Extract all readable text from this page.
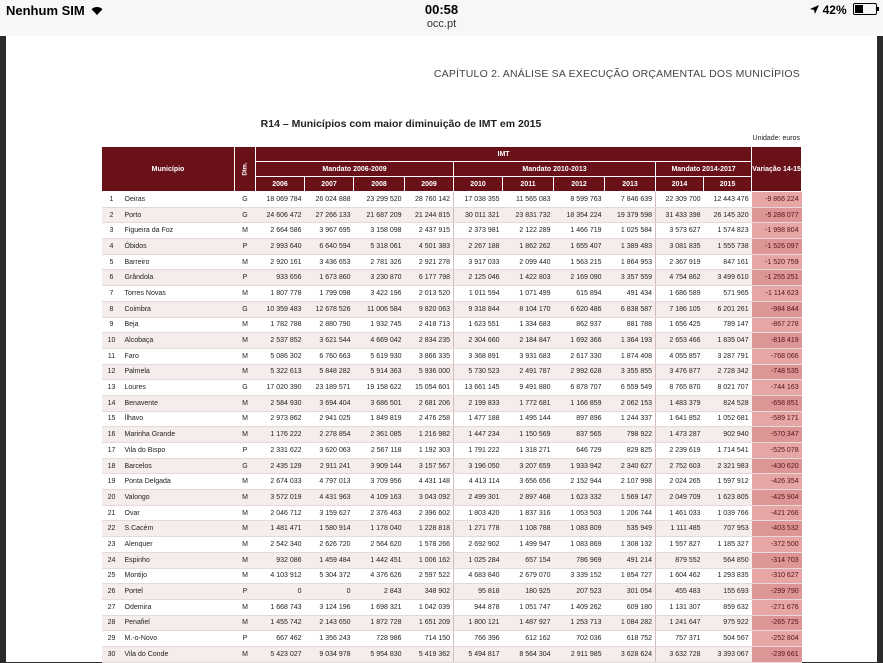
Nenhum SIM	00:58
occ.pt
42%
CAPÍTULO 2. ANÁLISE SA EXECUÇÃO ORÇAMENTAL DOS MUNICÍPIOS
R14 – Municípios com maior diminuição de IMT em 2015
Unidade: euros
Município		Dim.	IMT										Variação 14-15
			Mandato 2006-2009				Mandato 2010-2013				Mandato 2014-2017		
			2006	2007	2008	2009	2010	2011	2012	2013	2014	2015	
1	Oeiras	G	18 069 784	26 024 888	23 299 520	28 760 142	17 038 355	11 565 083	8 599 763	7 846 639	22 309 700	12 443 476	-9 866 224
2	Porto	G	24 606 472	27 266 133	21 687 209	21 244 815	30 011 321	23 831 732	18 354 224	19 379 598	31 433 398	26 145 320	-5 288 077
3	Figueira da Foz	M	2 664 586	3 967 695	3 158 098	2 437 915	2 373 981	2 122 289	1 466 719	1 025 584	3 573 627	1 574 823	-1 998 804
4	Óbidos	P	2 993 640	6 640 594	5 318 061	4 501 383	2 267 188	1 862 262	1 655 407	1 389 483	3 081 835	1 555 738	-1 526 097
5	Barreiro	M	2 920 161	3 436 653	2 781 326	2 921 278	3 917 033	2 099 440	1 563 215	1 864 953	2 367 919	847 161	-1 520 759
6	Grândola	P	933 656	1 673 860	3 230 870	6 177 798	2 125 046	1 422 803	2 169 090	3 357 559	4 754 862	3 499 610	-1 255 251
7	Torres Novas	M	1 807 778	1 799 098	3 422 196	2 013 520	1 011 594	1 071 499	615 894	491 434	1 686 589	571 965	-1 114 623
8	Coimbra	G	10 359 483	12 678 526	11 006 584	9 820 063	9 318 844	8 104 170	6 620 486	6 838 587	7 186 105	6 201 261	-984 844
9	Beja	M	1 782 788	2 880 790	1 932 745	2 418 713	1 623 551	1 334 683	862 937	881 788	1 656 425	789 147	-867 278
10	Alcobaça	M	2 537 852	3 621 544	4 669 042	2 834 235	2 304 660	2 184 847	1 692 366	1 364 193	2 653 466	1 835 047	-818 419
11	Faro	M	5 086 302	6 760 663	5 619 930	3 866 335	3 368 891	3 931 683	2 617 330	1 874 408	4 055 857	3 287 791	-768 066
12	Palmela	M	5 322 613	5 848 282	5 914 363	5 936 000	5 730 523	2 491 787	2 992 628	3 355 855	3 476 877	2 728 342	-748 535
13	Loures	G	17 020 390	23 189 571	19 158 622	15 054 601	13 661 145	9 491 880	6 878 707	6 559 549	8 765 870	8 021 707	-744 163
14	Benavente	M	2 584 930	3 694 404	3 686 501	2 681 206	2 199 833	1 772 681	1 166 859	2 062 153	1 483 379	824 528	-658 851
15	Ílhavo	M	2 973 862	2 941 025	1 849 819	2 476 258	1 477 188	1 495 144	897 896	1 244 337	1 641 852	1 052 681	-589 171
16	Marinha Grande	M	1 176 222	2 278 854	2 361 085	1 216 982	1 447 234	1 150 569	837 565	798 922	1 473 287	902 940	-570 347
17	Vila do Bispo	P	2 331 622	3 620 063	2 567 118	1 192 303	1 791 222	1 318 271	646 729	829 825	2 239 619	1 714 541	-525 078
18	Barcelos	G	2 435 129	2 911 241	3 909 144	3 157 567	3 196 050	3 207 659	1 933 942	2 340 627	2 752 603	2 321 983	-430 620
19	Ponta Delgada	M	2 674 033	4 797 013	3 709 956	4 431 148	4 413 114	3 656 656	2 152 944	2 107 998	2 024 265	1 597 912	-426 354
20	Valongo	M	3 572 019	4 431 963	4 109 163	3 043 092	2 499 301	2 897 468	1 623 332	1 569 147	2 049 709	1 623 805	-425 904
21	Ovar	M	2 046 712	3 159 627	2 376 463	2 396 602	1 803 420	1 837 316	1 053 503	1 206 744	1 461 033	1 039 766	-421 266
22	S.Cacém	M	1 481 471	1 580 914	1 178 040	1 228 818	1 271 778	1 108 788	1 083 809	535 949	1 111 485	707 953	-403 532
23	Alenquer	M	2 542 340	2 626 720	2 564 620	1 578 266	2 692 902	1 499 947	1 083 869	1 308 132	1 557 827	1 185 327	-372 500
24	Espinho	M	932 086	1 459 484	1 442 451	1 006 162	1 025 284	657 154	786 969	491 214	879 552	564 850	-314 703
25	Montijo	M	4 103 912	5 304 372	4 376 626	2 597 522	4 683 840	2 679 070	3 339 152	1 854 727	1 604 462	1 293 835	-310 627
26	Portel	P	0	0	2 843	348 902	95 818	180 925	207 523	301 054	455 483	155 693	-299 790
27	Odemira	M	1 668 743	3 124 196	1 698 321	1 042 039	944 878	1 051 747	1 409 262	609 180	1 131 307	859 632	-271 676
28	Penafiel	M	1 455 742	2 143 650	1 872 728	1 651 209	1 800 121	1 487 927	1 253 713	1 084 282	1 241 647	975 922	-265 725
29	M.-o-Novo	P	667 462	1 356 243	728 986	714 150	766 396	612 162	702 036	618 752	757 371	504 567	-252 804
30	Vila do Conde	M	5 423 027	9 034 978	5 954 830	5 419 362	5 494 817	8 564 304	2 911 985	3 628 624	3 632 728	3 393 067	-239 661
